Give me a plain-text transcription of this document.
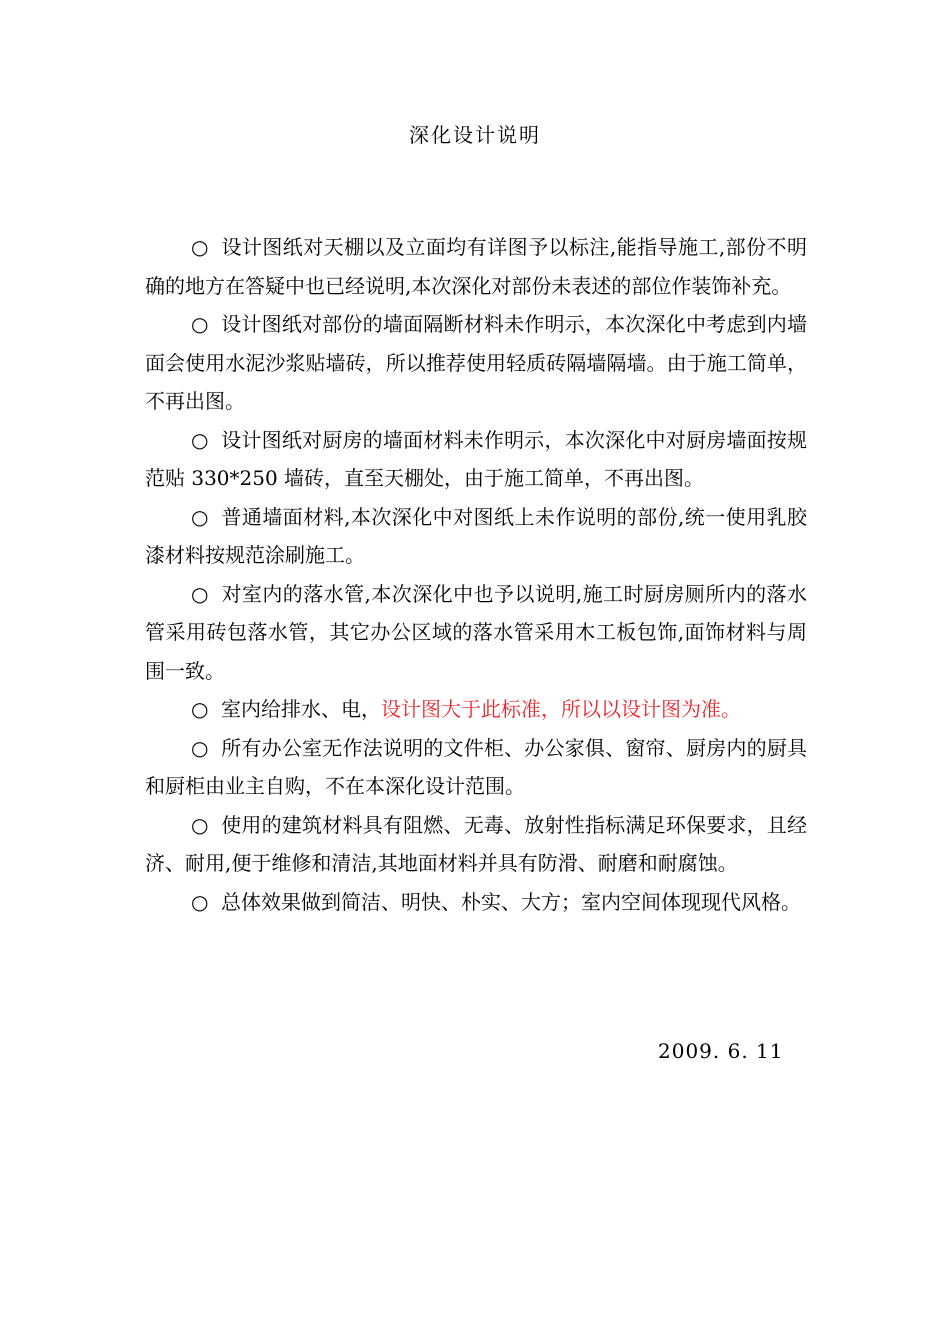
深化设计说明

○ 设计图纸对天棚以及立面均有详图予以标注,能指导施工,部份不明确的地方在答疑中也已经说明,本次深化对部份未表述的部位作装饰补充。

○ 设计图纸对部份的墙面隔断材料未作明示，本次深化中考虑到内墙面会使用水泥沙浆贴墙砖，所以推荐使用轻质砖隔墙隔墙。由于施工简单，不再出图。

○ 设计图纸对厨房的墙面材料未作明示，本次深化中对厨房墙面按规范贴 330*250 墙砖，直至天棚处，由于施工简单，不再出图。

○ 普通墙面材料,本次深化中对图纸上未作说明的部份,统一使用乳胶漆材料按规范涂刷施工。

○ 对室内的落水管,本次深化中也予以说明,施工时厨房厕所内的落水管采用砖包落水管，其它办公区域的落水管采用木工板包饰,面饰材料与周围一致。

○ 室内给排水、电，设计图大于此标准，所以以设计图为准。

○ 所有办公室无作法说明的文件柜、办公家俱、窗帘、厨房内的厨具和厨柜由业主自购，不在本深化设计范围。

○ 使用的建筑材料具有阻燃、无毒、放射性指标满足环保要求，且经济、耐用,便于维修和清洁,其地面材料并具有防滑、耐磨和耐腐蚀。

○ 总体效果做到简洁、明快、朴实、大方；室内空间体现现代风格。

2009. 6. 11
